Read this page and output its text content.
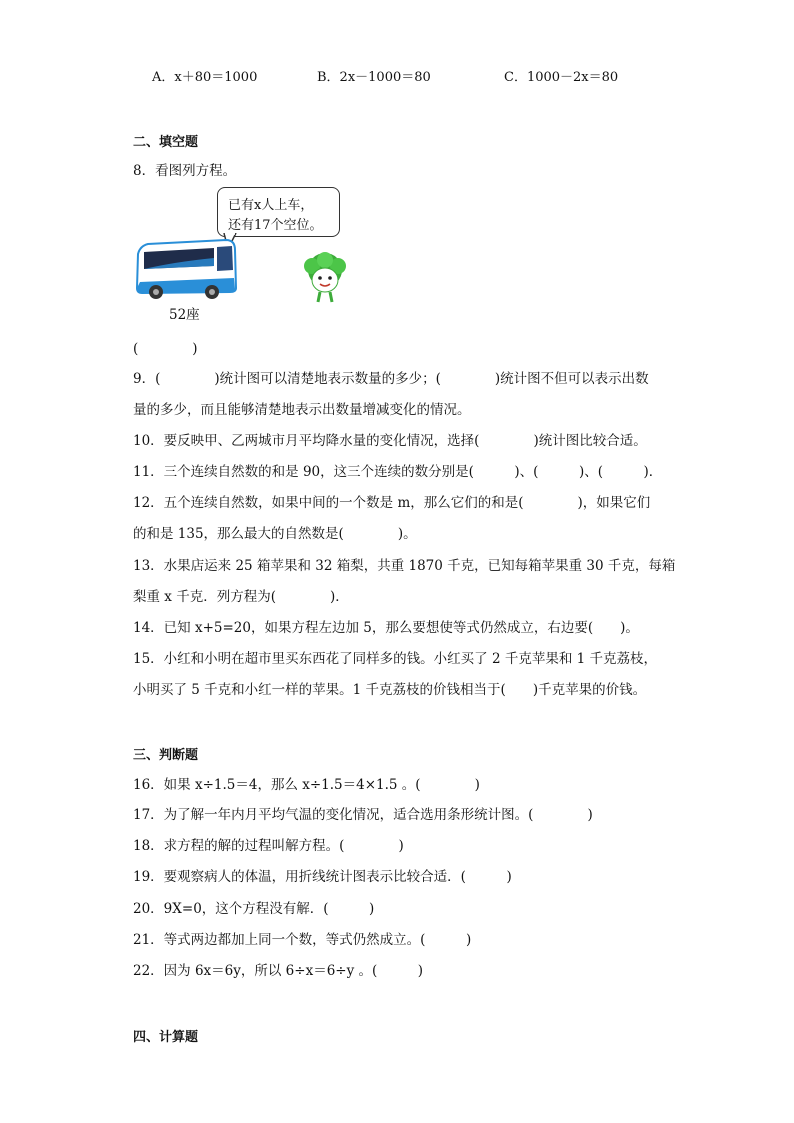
A．x＋80＝1000	B．2x－1000＝80	C．1000－2x＝80
二、填空题
8．看图列方程。
已有x人上车，
还有17个空位。
52座
(　　　　)
9．(　　　　)统计图可以清楚地表示数量的多少；(　　　　)统计图不但可以表示出数
量的多少，而且能够清楚地表示出数量增减变化的情况。
10．要反映甲、乙两城市月平均降水量的变化情况，选择(　　　　)统计图比较合适。
11．三个连续自然数的和是 90，这三个连续的数分别是(　　　)、(　　　)、(　　　)．
12．五个连续自然数，如果中间的一个数是 m，那么它们的和是(　　　　)，如果它们
的和是 135，那么最大的自然数是(　　　　)。
13．水果店运来 25 箱苹果和 32 箱梨，共重 1870 千克，已知每箱苹果重 30 千克，每箱
梨重 x 千克．列方程为(　　　　)．
14．已知 x+5=20，如果方程左边加 5，那么要想使等式仍然成立，右边要(　　)。
15．小红和小明在超市里买东西花了同样多的钱。小红买了 2 千克苹果和 1 千克荔枝，
小明买了 5 千克和小红一样的苹果。1 千克荔枝的价钱相当于(　　)千克苹果的价钱。
三、判断题
16．如果 x÷1.5＝4，那么 x÷1.5＝4×1.5 。(　　　　)
17．为了解一年内月平均气温的变化情况，适合选用条形统计图。(　　　　)
18．求方程的解的过程叫解方程。(　　　　)
19．要观察病人的体温，用折线统计图表示比较合适．(　　　)
20．9X=0，这个方程没有解．(　　　)
21．等式两边都加上同一个数，等式仍然成立。(　　　)
22．因为 6x＝6y，所以 6÷x＝6÷y 。(　　　)
四、计算题
